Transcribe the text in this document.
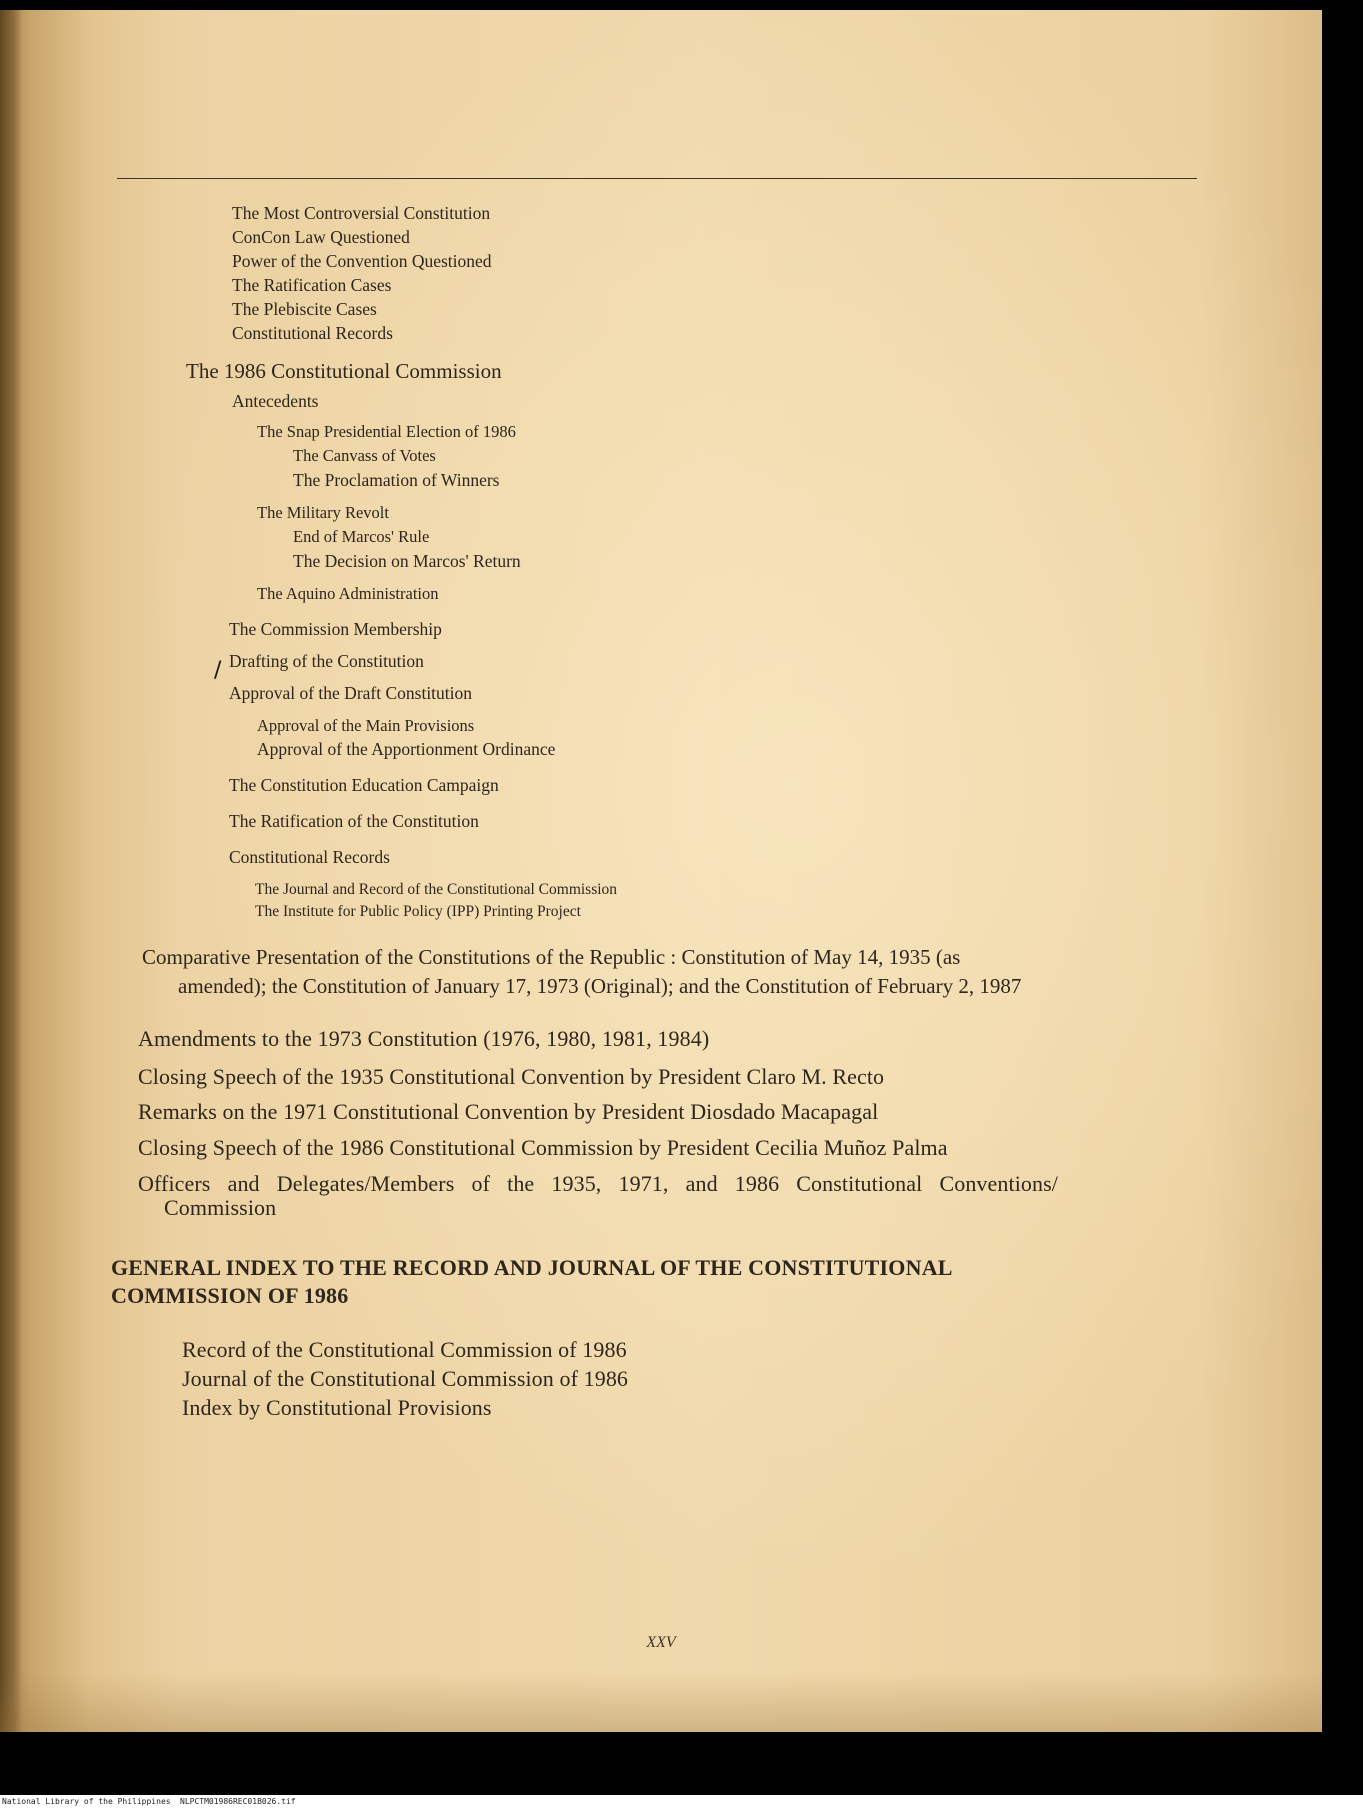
The Most Controversial Constitution

ConCon Law Questioned

Power of the Convention Questioned

The Ratification Cases

The Plebiscite Cases

Constitutional Records

The 1986 Constitutional Commission

Antecedents

The Snap Presidential Election of 1986

The Canvass of Votes

The Proclamation of Winners

The Military Revolt

End of Marcos' Rule

The Decision on Marcos' Return

The Aquino Administration

The Commission Membership

/ Drafting of the Constitution

Approval of the Draft Constitution

Approval of the Main Provisions

Approval of the Apportionment Ordinance

The Constitution Education Campaign

The Ratification of the Constitution

Constitutional Records

The Journal and Record of the Constitutional Commission

The Institute for Public Policy (IPP) Printing Project

Comparative Presentation of the Constitutions of the Republic : Constitution of May 14, 1935 (as

amended); the Constitution of January 17, 1973 (Original); and the Constitution of February 2, 1987

Amendments to the 1973 Constitution (1976, 1980, 1981, 1984)

Closing Speech of the 1935 Constitutional Convention by President Claro M. Recto

Remarks on the 1971 Constitutional Convention by President Diosdado Macapagal

Closing Speech of the 1986 Constitutional Commission by President Cecilia Muñoz Palma

Officers and Delegates/Members of the 1935, 1971, and 1986 Constitutional Conventions/

Commission

GENERAL INDEX TO THE RECORD AND JOURNAL OF THE CONSTITUTIONAL

COMMISSION OF 1986

Record of the Constitutional Commission of 1986

Journal of the Constitutional Commission of 1986

Index by Constitutional Provisions

XXV

National Library of the Philippines NLPCTM01986REC01B026.tif
